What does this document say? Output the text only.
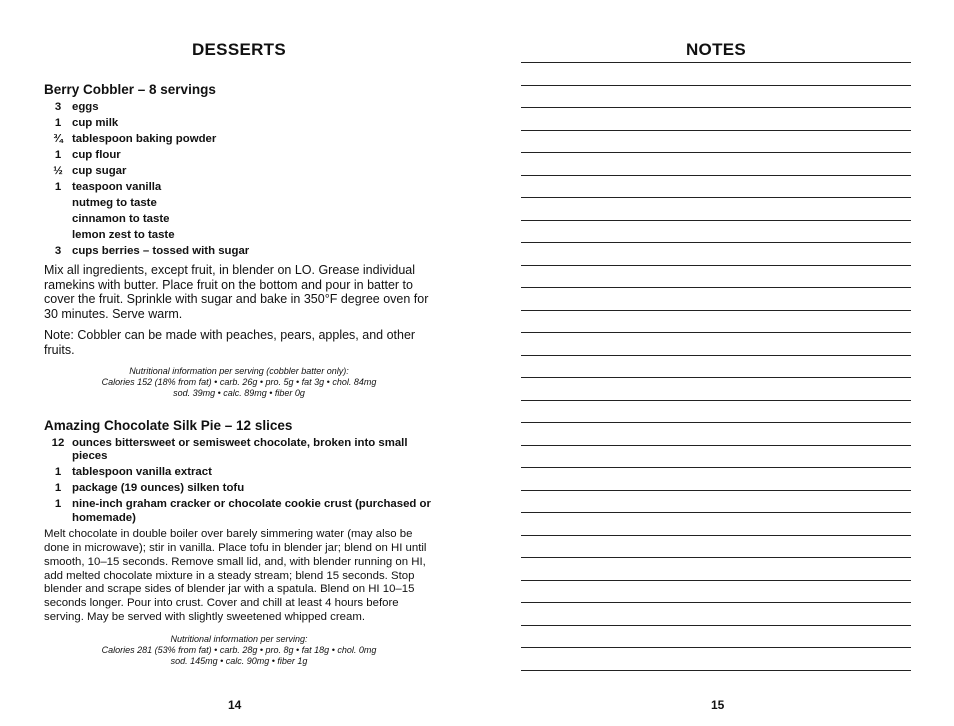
DESSERTS
Berry Cobbler – 8 servings
3 eggs
1 cup milk
¾ tablespoon baking powder
1 cup flour
½ cup sugar
1 teaspoon vanilla
nutmeg to taste
cinnamon to taste
lemon zest to taste
3 cups berries – tossed with sugar

Mix all ingredients, except fruit, in blender on LO. Grease individual ramekins with butter. Place fruit on the bottom and pour in batter to cover the fruit. Sprinkle with sugar and bake in 350°F degree oven for 30 minutes. Serve warm.

Note: Cobbler can be made with peaches, pears, apples, and other fruits.

Nutritional information per serving (cobbler batter only):
Calories 152 (18% from fat) • carb. 26g • pro. 5g • fat 3g • chol. 84mg
sod. 39mg • calc. 89mg • fiber 0g

Amazing Chocolate Silk Pie – 12 slices
12 ounces bittersweet or semisweet chocolate, broken into small pieces
1 tablespoon vanilla extract
1 package (19 ounces) silken tofu
1 nine-inch graham cracker or chocolate cookie crust (purchased or homemade)

Melt chocolate in double boiler over barely simmering water (may also be done in microwave); stir in vanilla. Place tofu in blender jar; blend on HI until smooth, 10–15 seconds. Remove small lid, and, with blender running on HI, add melted chocolate mixture in a steady stream; blend 15 seconds. Stop blender and scrape sides of blender jar with a spatula. Blend on HI 10–15 seconds longer. Pour into crust. Cover and chill at least 4 hours before serving. May be served with slightly sweetened whipped cream.

Nutritional information per serving:
Calories 281 (53% from fat) • carb. 28g • pro. 8g • fat 18g • chol. 0mg
sod. 145mg • calc. 90mg • fiber 1g

14

NOTES

15
